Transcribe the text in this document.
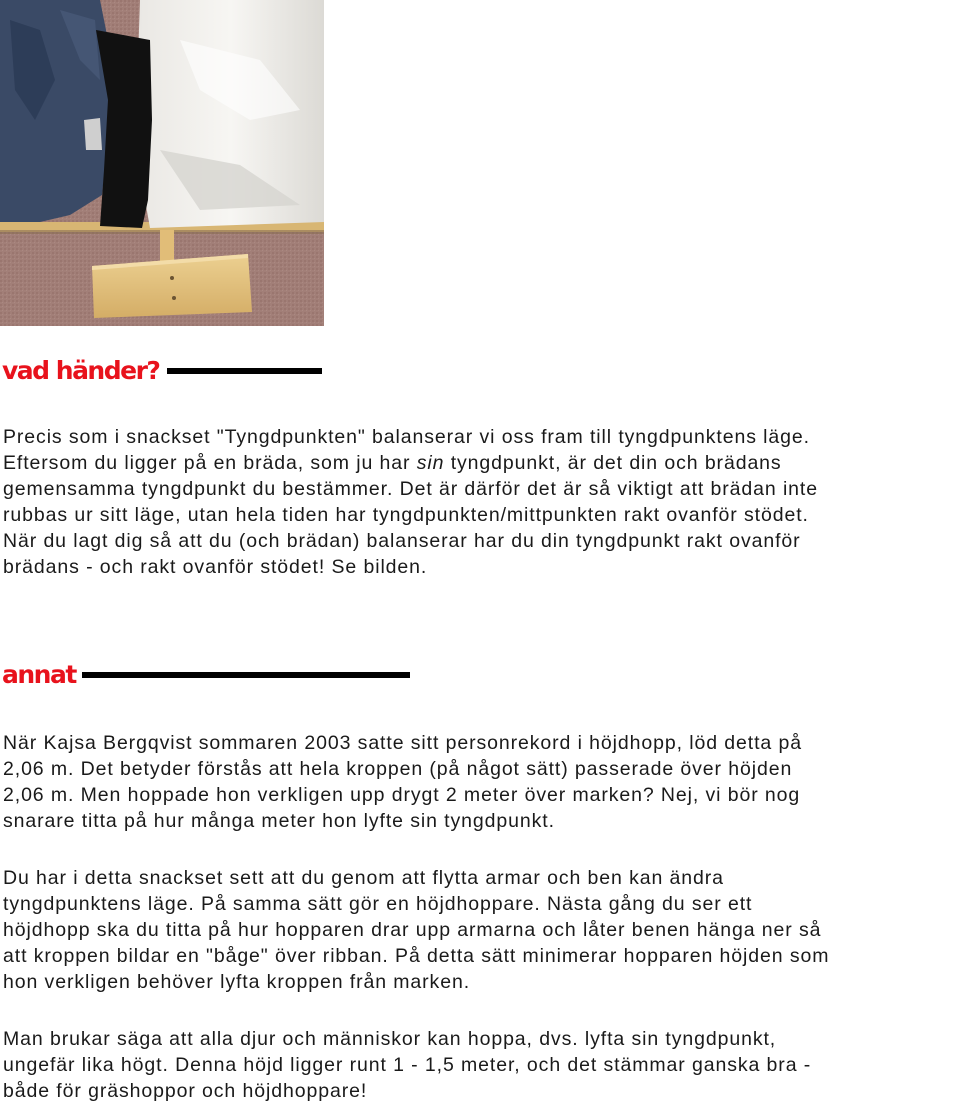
vad händer?

Precis som i snackset "Tyngdpunkten" balanserar vi oss fram till tyngdpunktens läge.
Eftersom du ligger på en bräda, som ju har sin tyngdpunkt, är det din och brädans
gemensamma tyngdpunkt du bestämmer. Det är därför det är så viktigt att brädan inte
rubbas ur sitt läge, utan hela tiden har tyngdpunkten/mittpunkten rakt ovanför stödet.
När du lagt dig så att du (och brädan) balanserar har du din tyngdpunkt rakt ovanför
brädans - och rakt ovanför stödet! Se bilden.

annat

När Kajsa Bergqvist sommaren 2003 satte sitt personrekord i höjdhopp, löd detta på
2,06 m. Det betyder förstås att hela kroppen (på något sätt) passerade över höjden
2,06 m. Men hoppade hon verkligen upp drygt 2 meter över marken? Nej, vi bör nog
snarare titta på hur många meter hon lyfte sin tyngdpunkt.

Du har i detta snackset sett att du genom att flytta armar och ben kan ändra
tyngdpunktens läge. På samma sätt gör en höjdhoppare. Nästa gång du ser ett
höjdhopp ska du titta på hur hopparen drar upp armarna och låter benen hänga ner så
att kroppen bildar en "båge" över ribban. På detta sätt minimerar hopparen höjden som
hon verkligen behöver lyfta kroppen från marken.

Man brukar säga att alla djur och människor kan hoppa, dvs. lyfta sin tyngdpunkt,
ungefär lika högt. Denna höjd ligger runt 1 - 1,5 meter, och det stämmar ganska bra -
både för gräshoppor och höjdhoppare!
